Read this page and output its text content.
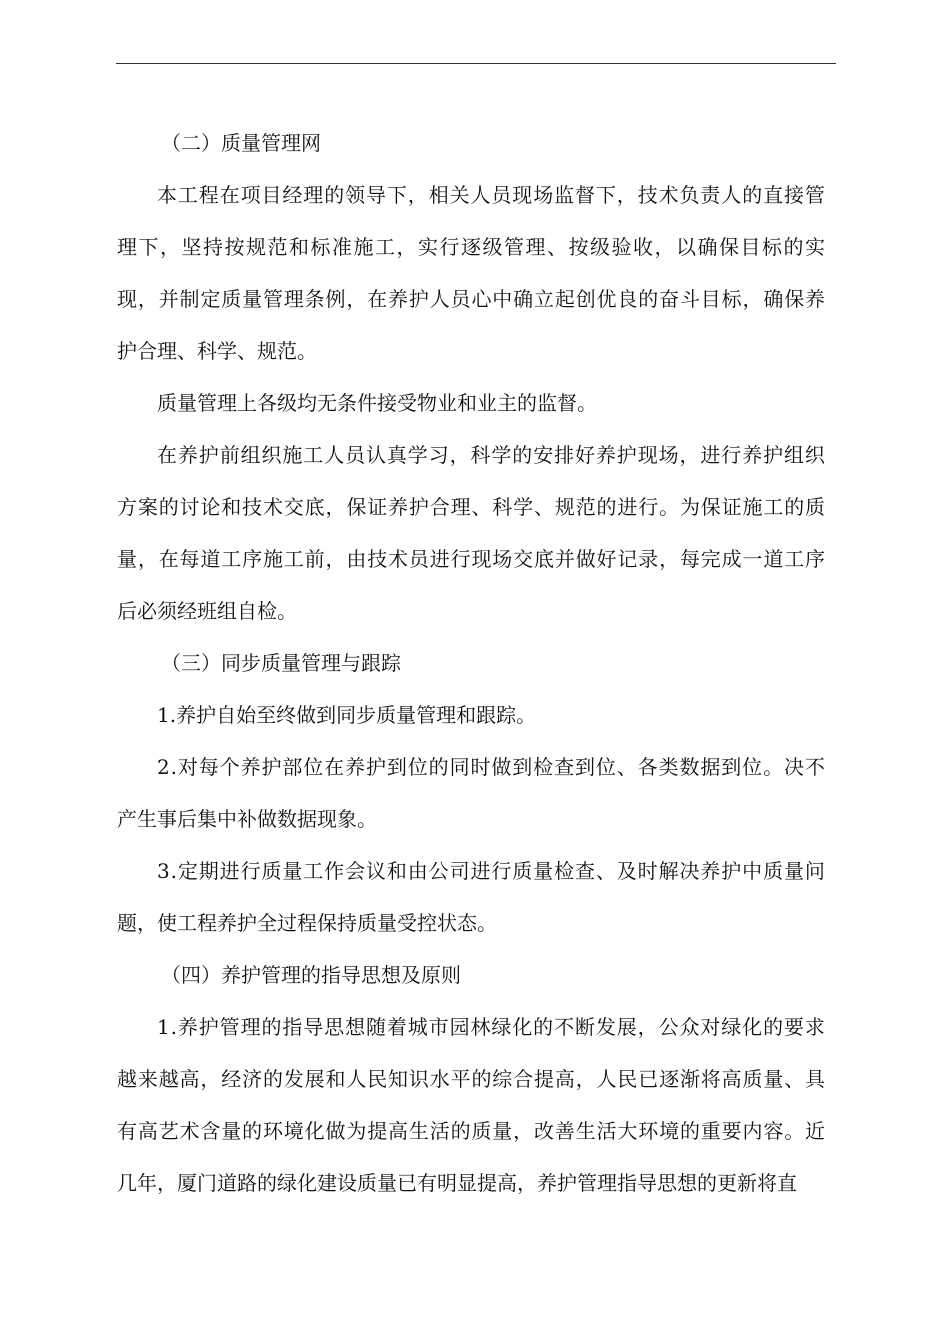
（二）质量管理网
本工程在项目经理的领导下，相关人员现场监督下，技术负责人的直接管
理下，坚持按规范和标准施工，实行逐级管理、按级验收，以确保目标的实
现，并制定质量管理条例，在养护人员心中确立起创优良的奋斗目标，确保养
护合理、科学、规范。
质量管理上各级均无条件接受物业和业主的监督。
在养护前组织施工人员认真学习，科学的安排好养护现场，进行养护组织
方案的讨论和技术交底，保证养护合理、科学、规范的进行。为保证施工的质
量，在每道工序施工前，由技术员进行现场交底并做好记录，每完成一道工序
后必须经班组自检。
（三）同步质量管理与跟踪
1.养护自始至终做到同步质量管理和跟踪。
2.对每个养护部位在养护到位的同时做到检查到位、各类数据到位。决不
产生事后集中补做数据现象。
3.定期进行质量工作会议和由公司进行质量检查、及时解决养护中质量问
题，使工程养护全过程保持质量受控状态。
（四）养护管理的指导思想及原则
1.养护管理的指导思想随着城市园林绿化的不断发展，公众对绿化的要求
越来越高，经济的发展和人民知识水平的综合提高，人民已逐渐将高质量、具
有高艺术含量的环境化做为提高生活的质量，改善生活大环境的重要内容。近
几年，厦门道路的绿化建设质量已有明显提高，养护管理指导思想的更新将直
